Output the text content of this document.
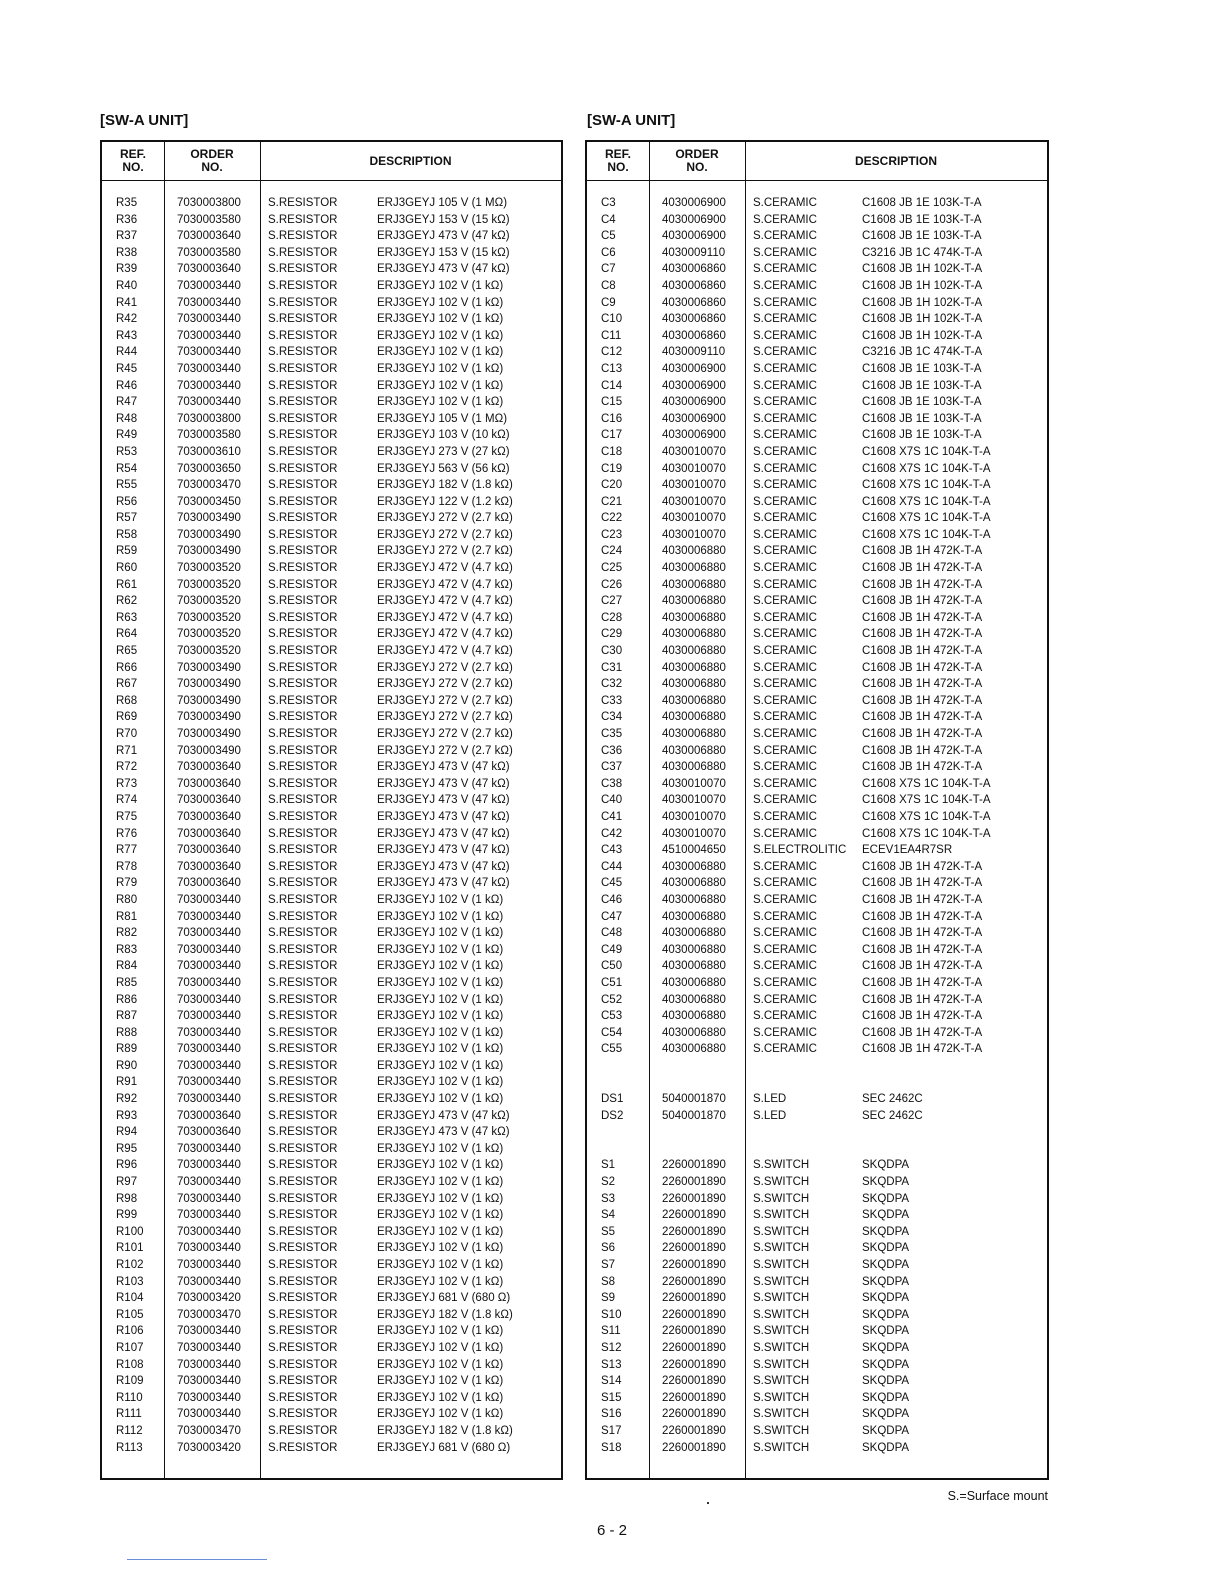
[SW-A UNIT]
REF.
NO.
ORDER
NO.	DESCRIPTION
R35	7030003800 S.RESISTOR	ERJ3GEYJ 105 V (1 MΩ)
R36	7030003580 S.RESISTOR	ERJ3GEYJ 153 V (15 kΩ)
R37	7030003640 S.RESISTOR	ERJ3GEYJ 473 V (47 kΩ)
R38	7030003580 S.RESISTOR	ERJ3GEYJ 153 V (15 kΩ)
R39	7030003640 S.RESISTOR	ERJ3GEYJ 473 V (47 kΩ)
R40	7030003440 S.RESISTOR	ERJ3GEYJ 102 V (1 kΩ)
R41	7030003440 S.RESISTOR	ERJ3GEYJ 102 V (1 kΩ)
R42	7030003440 S.RESISTOR	ERJ3GEYJ 102 V (1 kΩ)
R43	7030003440 S.RESISTOR	ERJ3GEYJ 102 V (1 kΩ)
R44	7030003440 S.RESISTOR	ERJ3GEYJ 102 V (1 kΩ)
R45	7030003440 S.RESISTOR	ERJ3GEYJ 102 V (1 kΩ)
R46	7030003440 S.RESISTOR	ERJ3GEYJ 102 V (1 kΩ)
R47	7030003440 S.RESISTOR	ERJ3GEYJ 102 V (1 kΩ)
R48	7030003800 S.RESISTOR	ERJ3GEYJ 105 V (1 MΩ)
R49	7030003580 S.RESISTOR	ERJ3GEYJ 103 V (10 kΩ)
R53	7030003610 S.RESISTOR	ERJ3GEYJ 273 V (27 kΩ)
R54	7030003650 S.RESISTOR	ERJ3GEYJ 563 V (56 kΩ)
R55	7030003470 S.RESISTOR	ERJ3GEYJ 182 V (1.8 kΩ)
R56	7030003450 S.RESISTOR	ERJ3GEYJ 122 V (1.2 kΩ)
R57	7030003490 S.RESISTOR	ERJ3GEYJ 272 V (2.7 kΩ)
R58	7030003490 S.RESISTOR	ERJ3GEYJ 272 V (2.7 kΩ)
R59	7030003490 S.RESISTOR	ERJ3GEYJ 272 V (2.7 kΩ)
R60	7030003520 S.RESISTOR	ERJ3GEYJ 472 V (4.7 kΩ)
R61	7030003520 S.RESISTOR	ERJ3GEYJ 472 V (4.7 kΩ)
R62	7030003520 S.RESISTOR	ERJ3GEYJ 472 V (4.7 kΩ)
R63	7030003520 S.RESISTOR	ERJ3GEYJ 472 V (4.7 kΩ)
R64	7030003520 S.RESISTOR	ERJ3GEYJ 472 V (4.7 kΩ)
R65	7030003520 S.RESISTOR	ERJ3GEYJ 472 V (4.7 kΩ)
R66	7030003490 S.RESISTOR	ERJ3GEYJ 272 V (2.7 kΩ)
R67	7030003490 S.RESISTOR	ERJ3GEYJ 272 V (2.7 kΩ)
R68	7030003490 S.RESISTOR	ERJ3GEYJ 272 V (2.7 kΩ)
R69	7030003490 S.RESISTOR	ERJ3GEYJ 272 V (2.7 kΩ)
R70	7030003490 S.RESISTOR	ERJ3GEYJ 272 V (2.7 kΩ)
R71	7030003490 S.RESISTOR	ERJ3GEYJ 272 V (2.7 kΩ)
R72	7030003640 S.RESISTOR	ERJ3GEYJ 473 V (47 kΩ)
R73	7030003640 S.RESISTOR	ERJ3GEYJ 473 V (47 kΩ)
R74	7030003640 S.RESISTOR	ERJ3GEYJ 473 V (47 kΩ)
R75	7030003640 S.RESISTOR	ERJ3GEYJ 473 V (47 kΩ)
R76	7030003640 S.RESISTOR	ERJ3GEYJ 473 V (47 kΩ)
R77	7030003640 S.RESISTOR	ERJ3GEYJ 473 V (47 kΩ)
R78	7030003640 S.RESISTOR	ERJ3GEYJ 473 V (47 kΩ)
R79	7030003640 S.RESISTOR	ERJ3GEYJ 473 V (47 kΩ)
R80	7030003440 S.RESISTOR	ERJ3GEYJ 102 V (1 kΩ)
R81	7030003440 S.RESISTOR	ERJ3GEYJ 102 V (1 kΩ)
R82	7030003440 S.RESISTOR	ERJ3GEYJ 102 V (1 kΩ)
R83	7030003440 S.RESISTOR	ERJ3GEYJ 102 V (1 kΩ)
R84	7030003440 S.RESISTOR	ERJ3GEYJ 102 V (1 kΩ)
R85	7030003440 S.RESISTOR	ERJ3GEYJ 102 V (1 kΩ)
R86	7030003440 S.RESISTOR	ERJ3GEYJ 102 V (1 kΩ)
R87	7030003440 S.RESISTOR	ERJ3GEYJ 102 V (1 kΩ)
R88	7030003440 S.RESISTOR	ERJ3GEYJ 102 V (1 kΩ)
R89	7030003440 S.RESISTOR	ERJ3GEYJ 102 V (1 kΩ)
R90	7030003440 S.RESISTOR	ERJ3GEYJ 102 V (1 kΩ)
R91	7030003440 S.RESISTOR	ERJ3GEYJ 102 V (1 kΩ)
R92	7030003440 S.RESISTOR	ERJ3GEYJ 102 V (1 kΩ)
R93	7030003640 S.RESISTOR	ERJ3GEYJ 473 V (47 kΩ)
R94	7030003640 S.RESISTOR	ERJ3GEYJ 473 V (47 kΩ)
R95	7030003440 S.RESISTOR	ERJ3GEYJ 102 V (1 kΩ)
R96	7030003440 S.RESISTOR	ERJ3GEYJ 102 V (1 kΩ)
R97	7030003440 S.RESISTOR	ERJ3GEYJ 102 V (1 kΩ)
R98	7030003440 S.RESISTOR	ERJ3GEYJ 102 V (1 kΩ)
R99	7030003440 S.RESISTOR	ERJ3GEYJ 102 V (1 kΩ)
R100	7030003440 S.RESISTOR	ERJ3GEYJ 102 V (1 kΩ)
R101	7030003440 S.RESISTOR	ERJ3GEYJ 102 V (1 kΩ)
R102	7030003440 S.RESISTOR	ERJ3GEYJ 102 V (1 kΩ)
R103	7030003440 S.RESISTOR	ERJ3GEYJ 102 V (1 kΩ)
R104	7030003420 S.RESISTOR	ERJ3GEYJ 681 V (680 Ω)
R105	7030003470 S.RESISTOR	ERJ3GEYJ 182 V (1.8 kΩ)
R106	7030003440 S.RESISTOR	ERJ3GEYJ 102 V (1 kΩ)
R107	7030003440 S.RESISTOR	ERJ3GEYJ 102 V (1 kΩ)
R108	7030003440 S.RESISTOR	ERJ3GEYJ 102 V (1 kΩ)
R109	7030003440 S.RESISTOR	ERJ3GEYJ 102 V (1 kΩ)
R110	7030003440 S.RESISTOR	ERJ3GEYJ 102 V (1 kΩ)
R111	7030003440 S.RESISTOR	ERJ3GEYJ 102 V (1 kΩ)
R112	7030003470 S.RESISTOR	ERJ3GEYJ 182 V (1.8 kΩ)
R113	7030003420 S.RESISTOR	ERJ3GEYJ 681 V (680 Ω)
[SW-A UNIT]
REF.
NO.
ORDER
NO.	DESCRIPTION
C3	4030006900 S.CERAMIC	C1608 JB 1E 103K-T-A
C4	4030006900 S.CERAMIC	C1608 JB 1E 103K-T-A
C5	4030006900 S.CERAMIC	C1608 JB 1E 103K-T-A
C6	4030009110 S.CERAMIC	C3216 JB 1C 474K-T-A
C7	4030006860 S.CERAMIC	C1608 JB 1H 102K-T-A
C8	4030006860 S.CERAMIC	C1608 JB 1H 102K-T-A
C9	4030006860 S.CERAMIC	C1608 JB 1H 102K-T-A
C10	4030006860 S.CERAMIC	C1608 JB 1H 102K-T-A
C11	4030006860 S.CERAMIC	C1608 JB 1H 102K-T-A
C12	4030009110 S.CERAMIC	C3216 JB 1C 474K-T-A
C13	4030006900 S.CERAMIC	C1608 JB 1E 103K-T-A
C14	4030006900 S.CERAMIC	C1608 JB 1E 103K-T-A
C15	4030006900 S.CERAMIC	C1608 JB 1E 103K-T-A
C16	4030006900 S.CERAMIC	C1608 JB 1E 103K-T-A
C17	4030006900 S.CERAMIC	C1608 JB 1E 103K-T-A
C18	4030010070 S.CERAMIC	C1608 X7S 1C 104K-T-A
C19	4030010070 S.CERAMIC	C1608 X7S 1C 104K-T-A
C20	4030010070 S.CERAMIC	C1608 X7S 1C 104K-T-A
C21	4030010070 S.CERAMIC	C1608 X7S 1C 104K-T-A
C22	4030010070 S.CERAMIC	C1608 X7S 1C 104K-T-A
C23	4030010070 S.CERAMIC	C1608 X7S 1C 104K-T-A
C24	4030006880 S.CERAMIC	C1608 JB 1H 472K-T-A
C25	4030006880 S.CERAMIC	C1608 JB 1H 472K-T-A
C26	4030006880 S.CERAMIC	C1608 JB 1H 472K-T-A
C27	4030006880 S.CERAMIC	C1608 JB 1H 472K-T-A
C28	4030006880 S.CERAMIC	C1608 JB 1H 472K-T-A
C29	4030006880 S.CERAMIC	C1608 JB 1H 472K-T-A
C30	4030006880 S.CERAMIC	C1608 JB 1H 472K-T-A
C31	4030006880 S.CERAMIC	C1608 JB 1H 472K-T-A
C32	4030006880 S.CERAMIC	C1608 JB 1H 472K-T-A
C33	4030006880 S.CERAMIC	C1608 JB 1H 472K-T-A
C34	4030006880 S.CERAMIC	C1608 JB 1H 472K-T-A
C35	4030006880 S.CERAMIC	C1608 JB 1H 472K-T-A
C36	4030006880 S.CERAMIC	C1608 JB 1H 472K-T-A
C37	4030006880 S.CERAMIC	C1608 JB 1H 472K-T-A
C38	4030010070 S.CERAMIC	C1608 X7S 1C 104K-T-A
C40	4030010070 S.CERAMIC	C1608 X7S 1C 104K-T-A
C41	4030010070 S.CERAMIC	C1608 X7S 1C 104K-T-A
C42	4030010070 S.CERAMIC	C1608 X7S 1C 104K-T-A
C43	4510004650 S.ELECTROLITIC ECEV1EA4R7SR
C44	4030006880 S.CERAMIC	C1608 JB 1H 472K-T-A
C45	4030006880 S.CERAMIC	C1608 JB 1H 472K-T-A
C46	4030006880 S.CERAMIC	C1608 JB 1H 472K-T-A
C47	4030006880 S.CERAMIC	C1608 JB 1H 472K-T-A
C48	4030006880 S.CERAMIC	C1608 JB 1H 472K-T-A
C49	4030006880 S.CERAMIC	C1608 JB 1H 472K-T-A
C50	4030006880 S.CERAMIC	C1608 JB 1H 472K-T-A
C51	4030006880 S.CERAMIC	C1608 JB 1H 472K-T-A
C52	4030006880 S.CERAMIC	C1608 JB 1H 472K-T-A
C53	4030006880 S.CERAMIC	C1608 JB 1H 472K-T-A
C54	4030006880 S.CERAMIC	C1608 JB 1H 472K-T-A
C55	4030006880 S.CERAMIC	C1608 JB 1H 472K-T-A
DS1	5040001870 S.LED	SEC 2462C
DS2	5040001870 S.LED	SEC 2462C
S1	2260001890 S.SWITCH	SKQDPA
S2	2260001890 S.SWITCH	SKQDPA
S3	2260001890 S.SWITCH	SKQDPA
S4	2260001890 S.SWITCH	SKQDPA
S5	2260001890 S.SWITCH	SKQDPA
S6	2260001890 S.SWITCH	SKQDPA
S7	2260001890 S.SWITCH	SKQDPA
S8	2260001890 S.SWITCH	SKQDPA
S9	2260001890 S.SWITCH	SKQDPA
S10	2260001890 S.SWITCH	SKQDPA
S11	2260001890 S.SWITCH	SKQDPA
S12	2260001890 S.SWITCH	SKQDPA
S13	2260001890 S.SWITCH	SKQDPA
S14	2260001890 S.SWITCH	SKQDPA
S15	2260001890 S.SWITCH	SKQDPA
S16	2260001890 S.SWITCH	SKQDPA
S17	2260001890 S.SWITCH	SKQDPA
S18	2260001890 S.SWITCH	SKQDPA
S.=Surface mount
6 - 2
